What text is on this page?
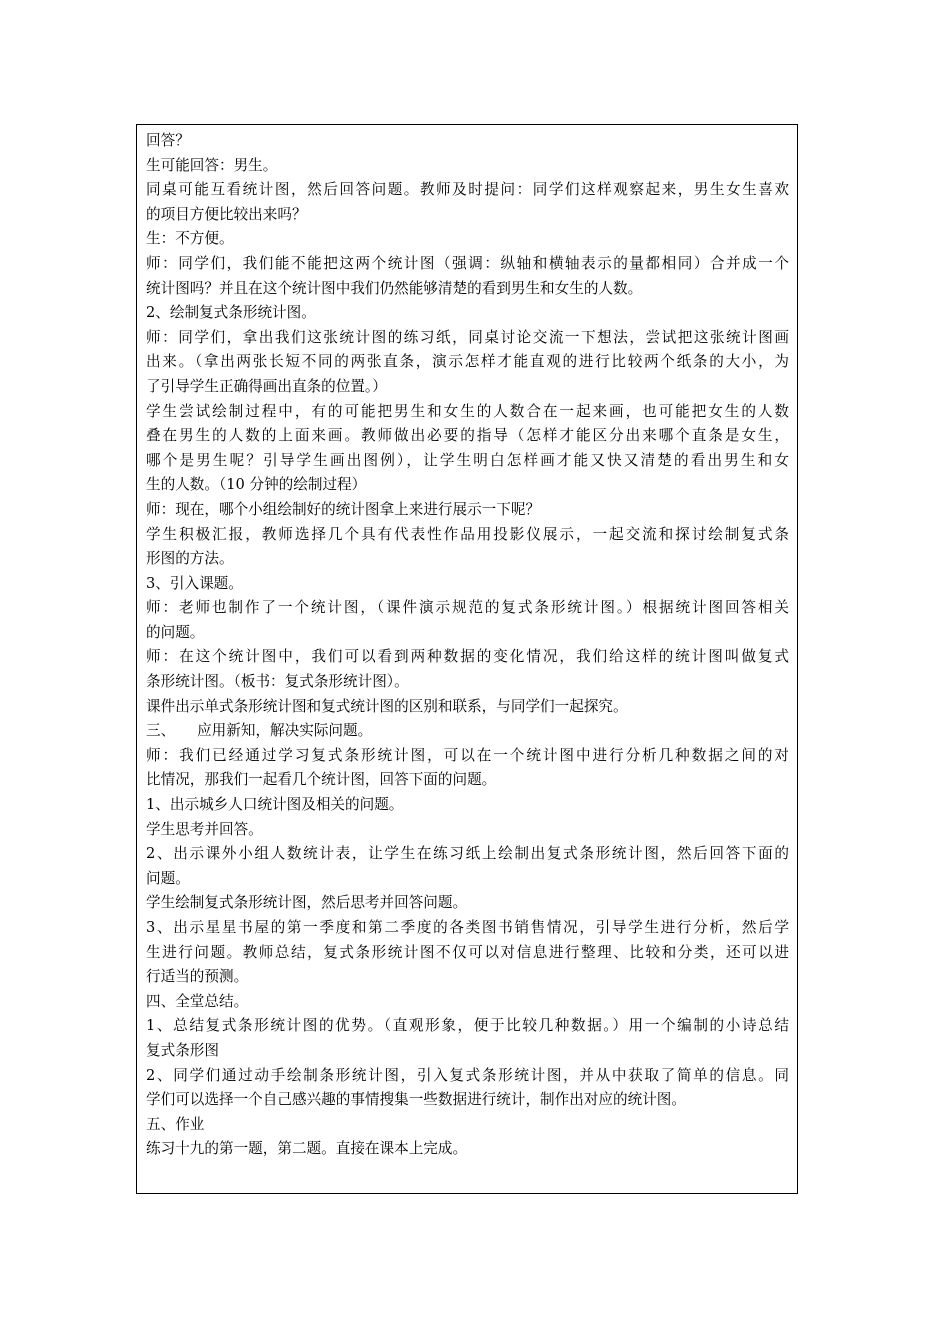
回答？
生可能回答：男生。
同桌可能互看统计图，然后回答问题。教师及时提问：同学们这样观察起来，男生女生喜欢
的项目方便比较出来吗？
生：不方便。
师：同学们，我们能不能把这两个统计图（强调：纵轴和横轴表示的量都相同）合并成一个
统计图吗？并且在这个统计图中我们仍然能够清楚的看到男生和女生的人数。
2、绘制复式条形统计图。
师：同学们，拿出我们这张统计图的练习纸，同桌讨论交流一下想法，尝试把这张统计图画
出来。（拿出两张长短不同的两张直条，演示怎样才能直观的进行比较两个纸条的大小，为
了引导学生正确得画出直条的位置。）
学生尝试绘制过程中，有的可能把男生和女生的人数合在一起来画，也可能把女生的人数
叠在男生的人数的上面来画。教师做出必要的指导（怎样才能区分出来哪个直条是女生，
哪个是男生呢？引导学生画出图例），让学生明白怎样画才能又快又清楚的看出男生和女
生的人数。（10 分钟的绘制过程）
师：现在，哪个小组绘制好的统计图拿上来进行展示一下呢？
学生积极汇报，教师选择几个具有代表性作品用投影仪展示，一起交流和探讨绘制复式条
形图的方法。
3、引入课题。
师：老师也制作了一个统计图，（课件演示规范的复式条形统计图。）根据统计图回答相关
的问题。
师：在这个统计图中，我们可以看到两种数据的变化情况，我们给这样的统计图叫做复式
条形统计图。（板书：复式条形统计图）。
课件出示单式条形统计图和复式统计图的区别和联系，与同学们一起探究。
三、　　应用新知，解决实际问题。
师：我们已经通过学习复式条形统计图，可以在一个统计图中进行分析几种数据之间的对
比情况，那我们一起看几个统计图，回答下面的问题。
1、出示城乡人口统计图及相关的问题。
学生思考并回答。
2、出示课外小组人数统计表，让学生在练习纸上绘制出复式条形统计图，然后回答下面的
问题。
学生绘制复式条形统计图，然后思考并回答问题。
3、出示星星书屋的第一季度和第二季度的各类图书销售情况，引导学生进行分析，然后学
生进行问题。教师总结，复式条形统计图不仅可以对信息进行整理、比较和分类，还可以进
行适当的预测。
四、全堂总结。
1、总结复式条形统计图的优势。（直观形象，便于比较几种数据。）用一个编制的小诗总结
复式条形图
2、同学们通过动手绘制条形统计图，引入复式条形统计图，并从中获取了简单的信息。同
学们可以选择一个自己感兴趣的事情搜集一些数据进行统计，制作出对应的统计图。
五、作业
练习十九的第一题，第二题。直接在课本上完成。
